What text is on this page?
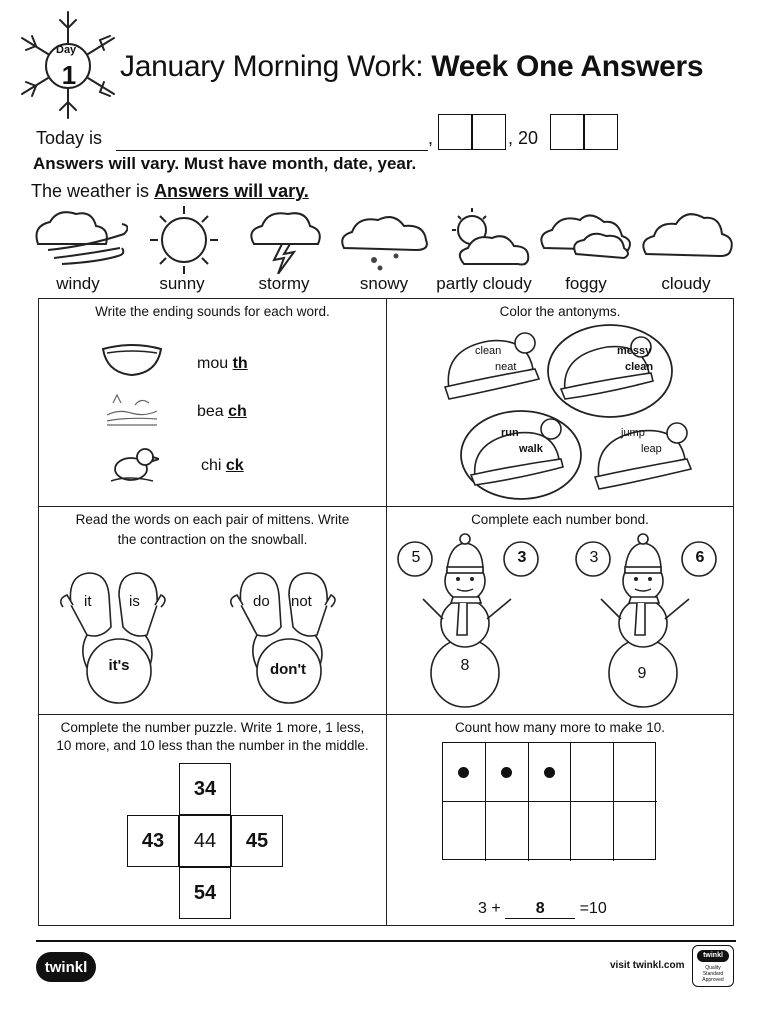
Day
1 January Morning Work: Week One Answers
Today is	,	, 20
Answers will vary. Must have month, date, year.
The weather is Answers will vary.
windy	sunny	stormy	snowy	partly cloudy	foggy	cloudy
Write the ending sounds for each word.
mou th
bea ch
chi ck
Color the antonyms.
clean
neat
messy
clean
run
walk
jump
leap
Read the words on each pair of mittens. Write
the contraction on the snowball.
it	is
it's
do not
don't
Complete each number bond.
5	3
8
3	6
9
Complete the number puzzle. Write 1 more, 1 less,
10 more, and 10 less than the number in the middle.
34
43	44	45
54
Count how many more to make 10.
3 + 8 =10
twinkl	visit twinkl.com
twinkl
Quality Standard Approved
